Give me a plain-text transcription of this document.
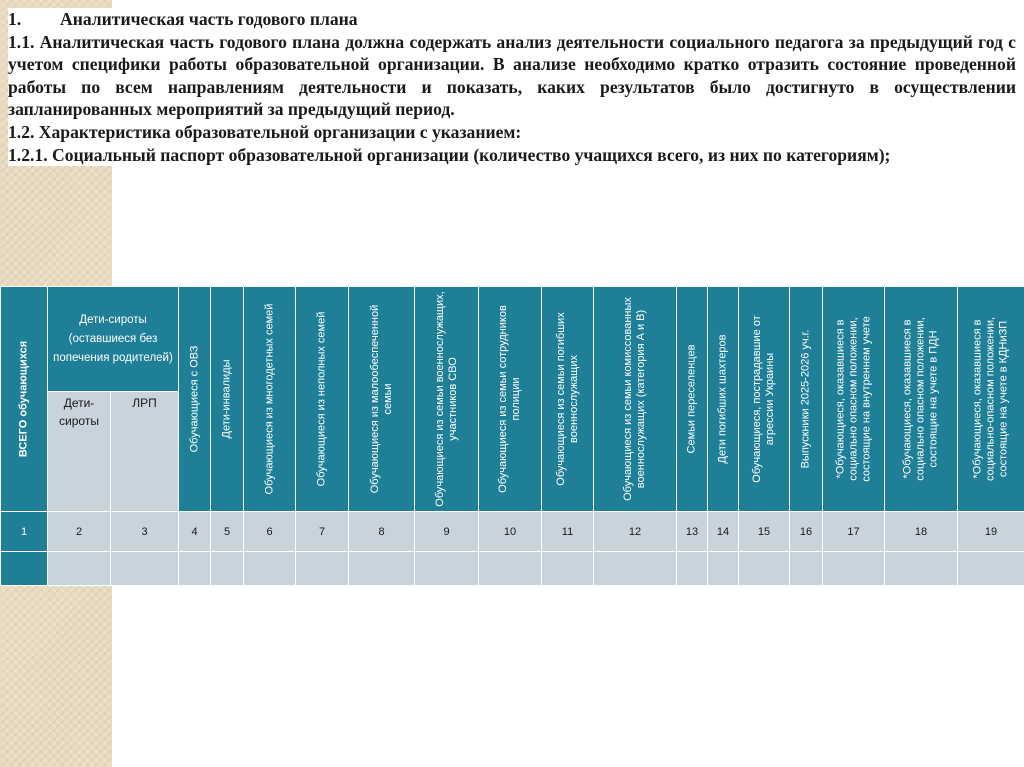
1. Аналитическая часть годового плана

1.1. Аналитическая часть годового плана должна содержать анализ деятельности социального педагога за предыдущий год с учетом специфики работы образовательной организации. В анализе необходимо кратко отразить состояние проведенной работы по всем направлениям деятельности и показать, каких результатов было достигнуто в осуществлении запланированных мероприятий за предыдущий период.

1.2. Характеристика образовательной организации с указанием:

1.2.1. Социальный паспорт образовательной организации (количество учащихся всего, из них по категориям);

ВСЕГО обучающихся	Дети-сироты (оставшиеся без попечения родителей)		Обучающиеся с ОВЗ	Дети-инвалиды	Обучающиеся из многодетных семей	Обучающиеся из неполных семей	Обучающиеся из малообеспеченной семьи	Обучающиеся из семьи военнослужащих, участников СВО	Обучающиеся из семьи сотрудников полиции	Обучающиеся из семьи погибших военнослужащих	Обучающиеся из семьи комиссованных военнослужащих (категория А и В)	Семьи переселенцев	Дети погибших шахтеров	Обучающиеся, пострадавшие от агрессии Украины	Выпускники 2025-2026 уч.г.	*Обучающиеся, оказавшиеся в социально опасном положении, состоящие на внутреннем учете	*Обучающиеся, оказавшиеся в социально опасном положении, состоящие на учете в ПДН	*Обучающиеся, оказавшиеся в социально-опасном положении, состоящие на учете в КДНиЗП

	Дети-сироты	ЛРП																

1	2	3	4	5	6	7	8	9	10	11	12	13	14	15	16	17	18	19
